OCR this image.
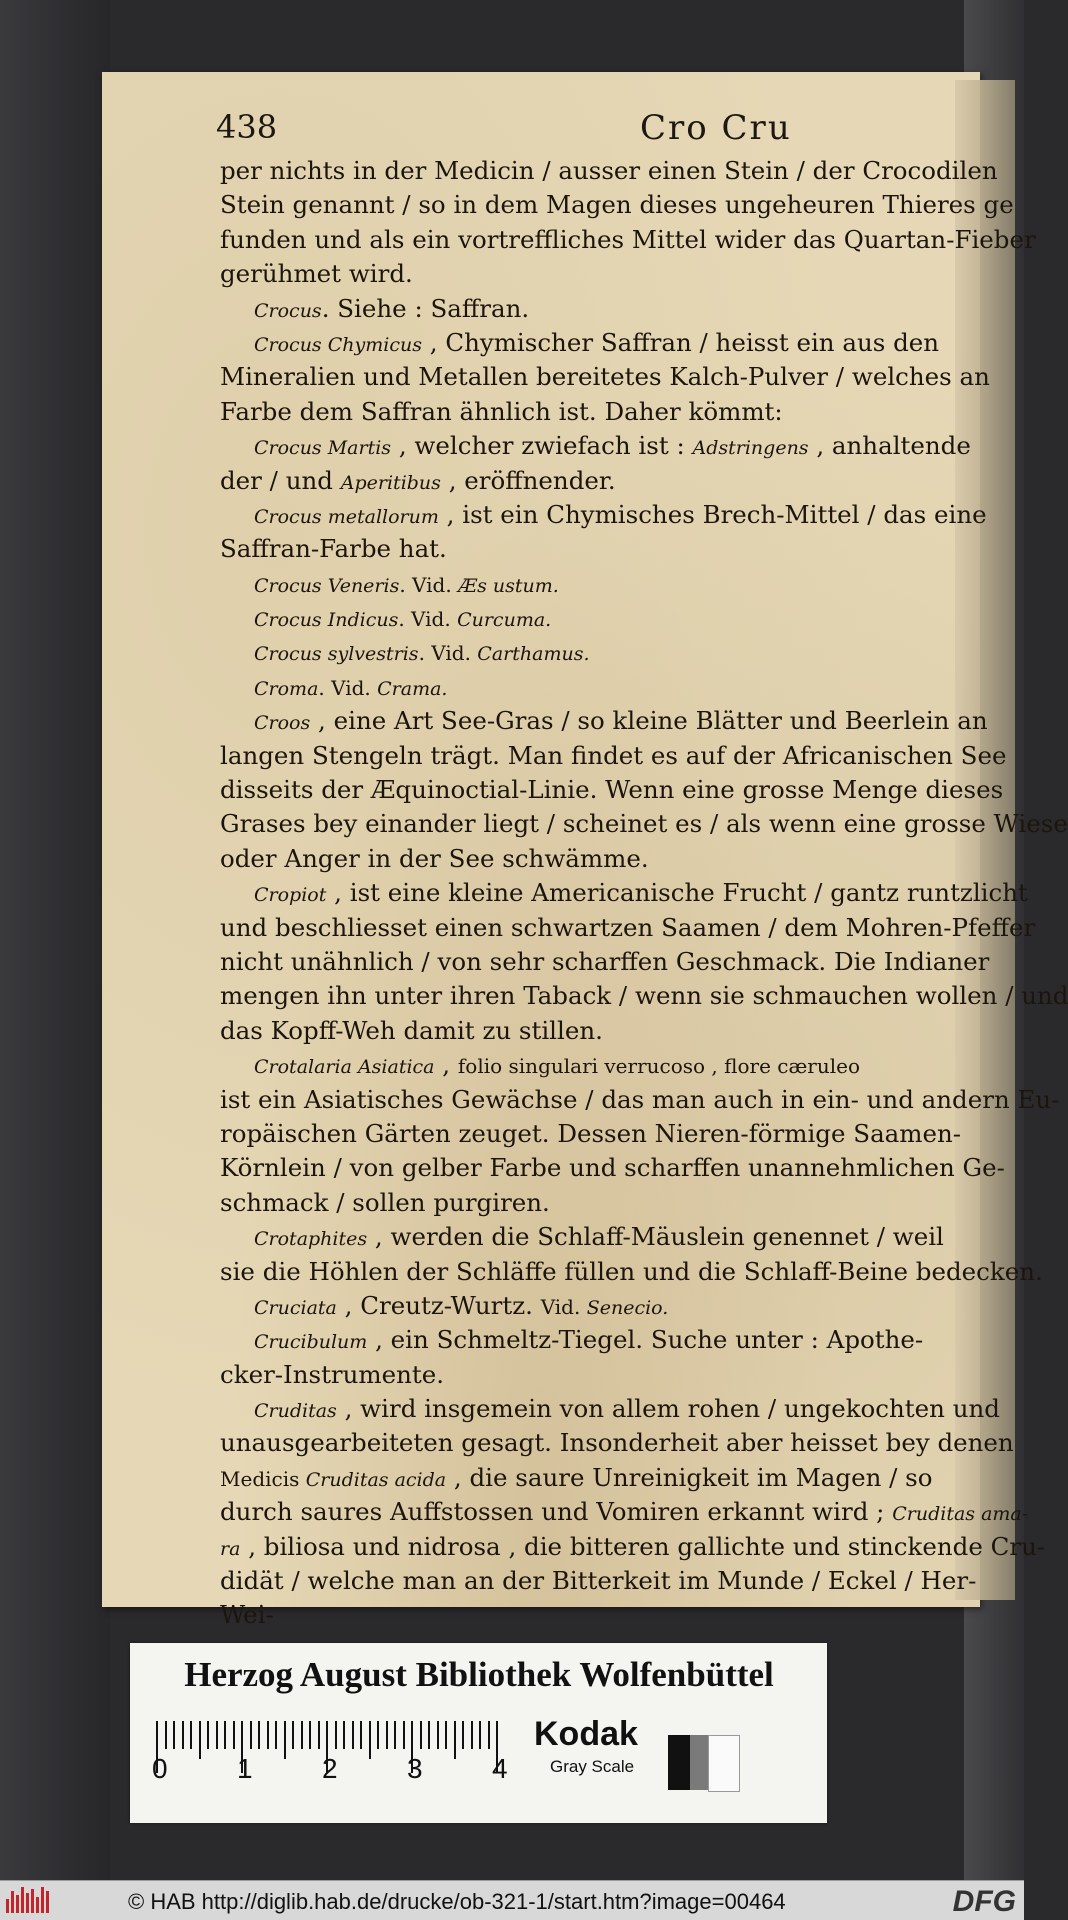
438	Cro Cru
per nichts in der Medicin / ausser einen Stein / der Crocodilen
Stein genannt / so in dem Magen dieses ungeheuren Thieres ge
funden und als ein vortreffliches Mittel wider das Quartan-Fieber
gerühmet wird.
Crocus. Siehe : Saffran.
Crocus Chymicus , Chymischer Saffran / heisst ein aus den
Mineralien und Metallen bereitetes Kalch-Pulver / welches an
Farbe dem Saffran ähnlich ist. Daher kömmt:
Crocus Martis , welcher zwiefach ist : Adstringens , anhaltende
der / und Aperitibus , eröffnender.
Crocus metallorum , ist ein Chymisches Brech-Mittel / das eine
Saffran-Farbe hat.
Crocus Veneris. Vid. Æs ustum.
Crocus Indicus. Vid. Curcuma.
Crocus sylvestris. Vid. Carthamus.
Croma. Vid. Crama.
Croos , eine Art See-Gras / so kleine Blätter und Beerlein an
langen Stengeln trägt. Man findet es auf der Africanischen See
disseits der Æquinoctial-Linie. Wenn eine grosse Menge dieses
Grases bey einander liegt / scheinet es / als wenn eine grosse Wiese
oder Anger in der See schwämme.
Cropiot , ist eine kleine Americanische Frucht / gantz runtzlicht
und beschliesset einen schwartzen Saamen / dem Mohren-Pfeffer
nicht unähnlich / von sehr scharffen Geschmack. Die Indianer
mengen ihn unter ihren Taback / wenn sie schmauchen wollen / und
das Kopff-Weh damit zu stillen.
Crotalaria Asiatica , folio singulari verrucoso , flore cæruleo
ist ein Asiatisches Gewächse / das man auch in ein- und andern Eu-
ropäischen Gärten zeuget. Dessen Nieren-förmige Saamen-
Körnlein / von gelber Farbe und scharffen unannehmlichen Ge-
schmack / sollen purgiren.
Crotaphites , werden die Schlaff-Mäuslein genennet / weil
sie die Höhlen der Schläffe füllen und die Schlaff-Beine bedecken.
Cruciata , Creutz-Wurtz. Vid. Senecio.
Crucibulum , ein Schmeltz-Tiegel. Suche unter : Apothe-
cker-Instrumente.
Cruditas , wird insgemein von allem rohen / ungekochten und
unausgearbeiteten gesagt. Insonderheit aber heisset bey denen
Medicis Cruditas acida , die saure Unreinigkeit im Magen / so
durch saures Auffstossen und Vomiren erkannt wird ; Cruditas ama-
ra , biliosa und nidrosa , die bitteren gallichte und stinckende Cru-
didät / welche man an der Bitterkeit im Munde / Eckel / Her-
Wei-
Herzog August Bibliothek Wolfenbüttel
0 1 2 3 4
Kodak
Gray Scale
© HAB http://diglib.hab.de/drucke/ob-321-1/start.htm?image=00464	DFG
